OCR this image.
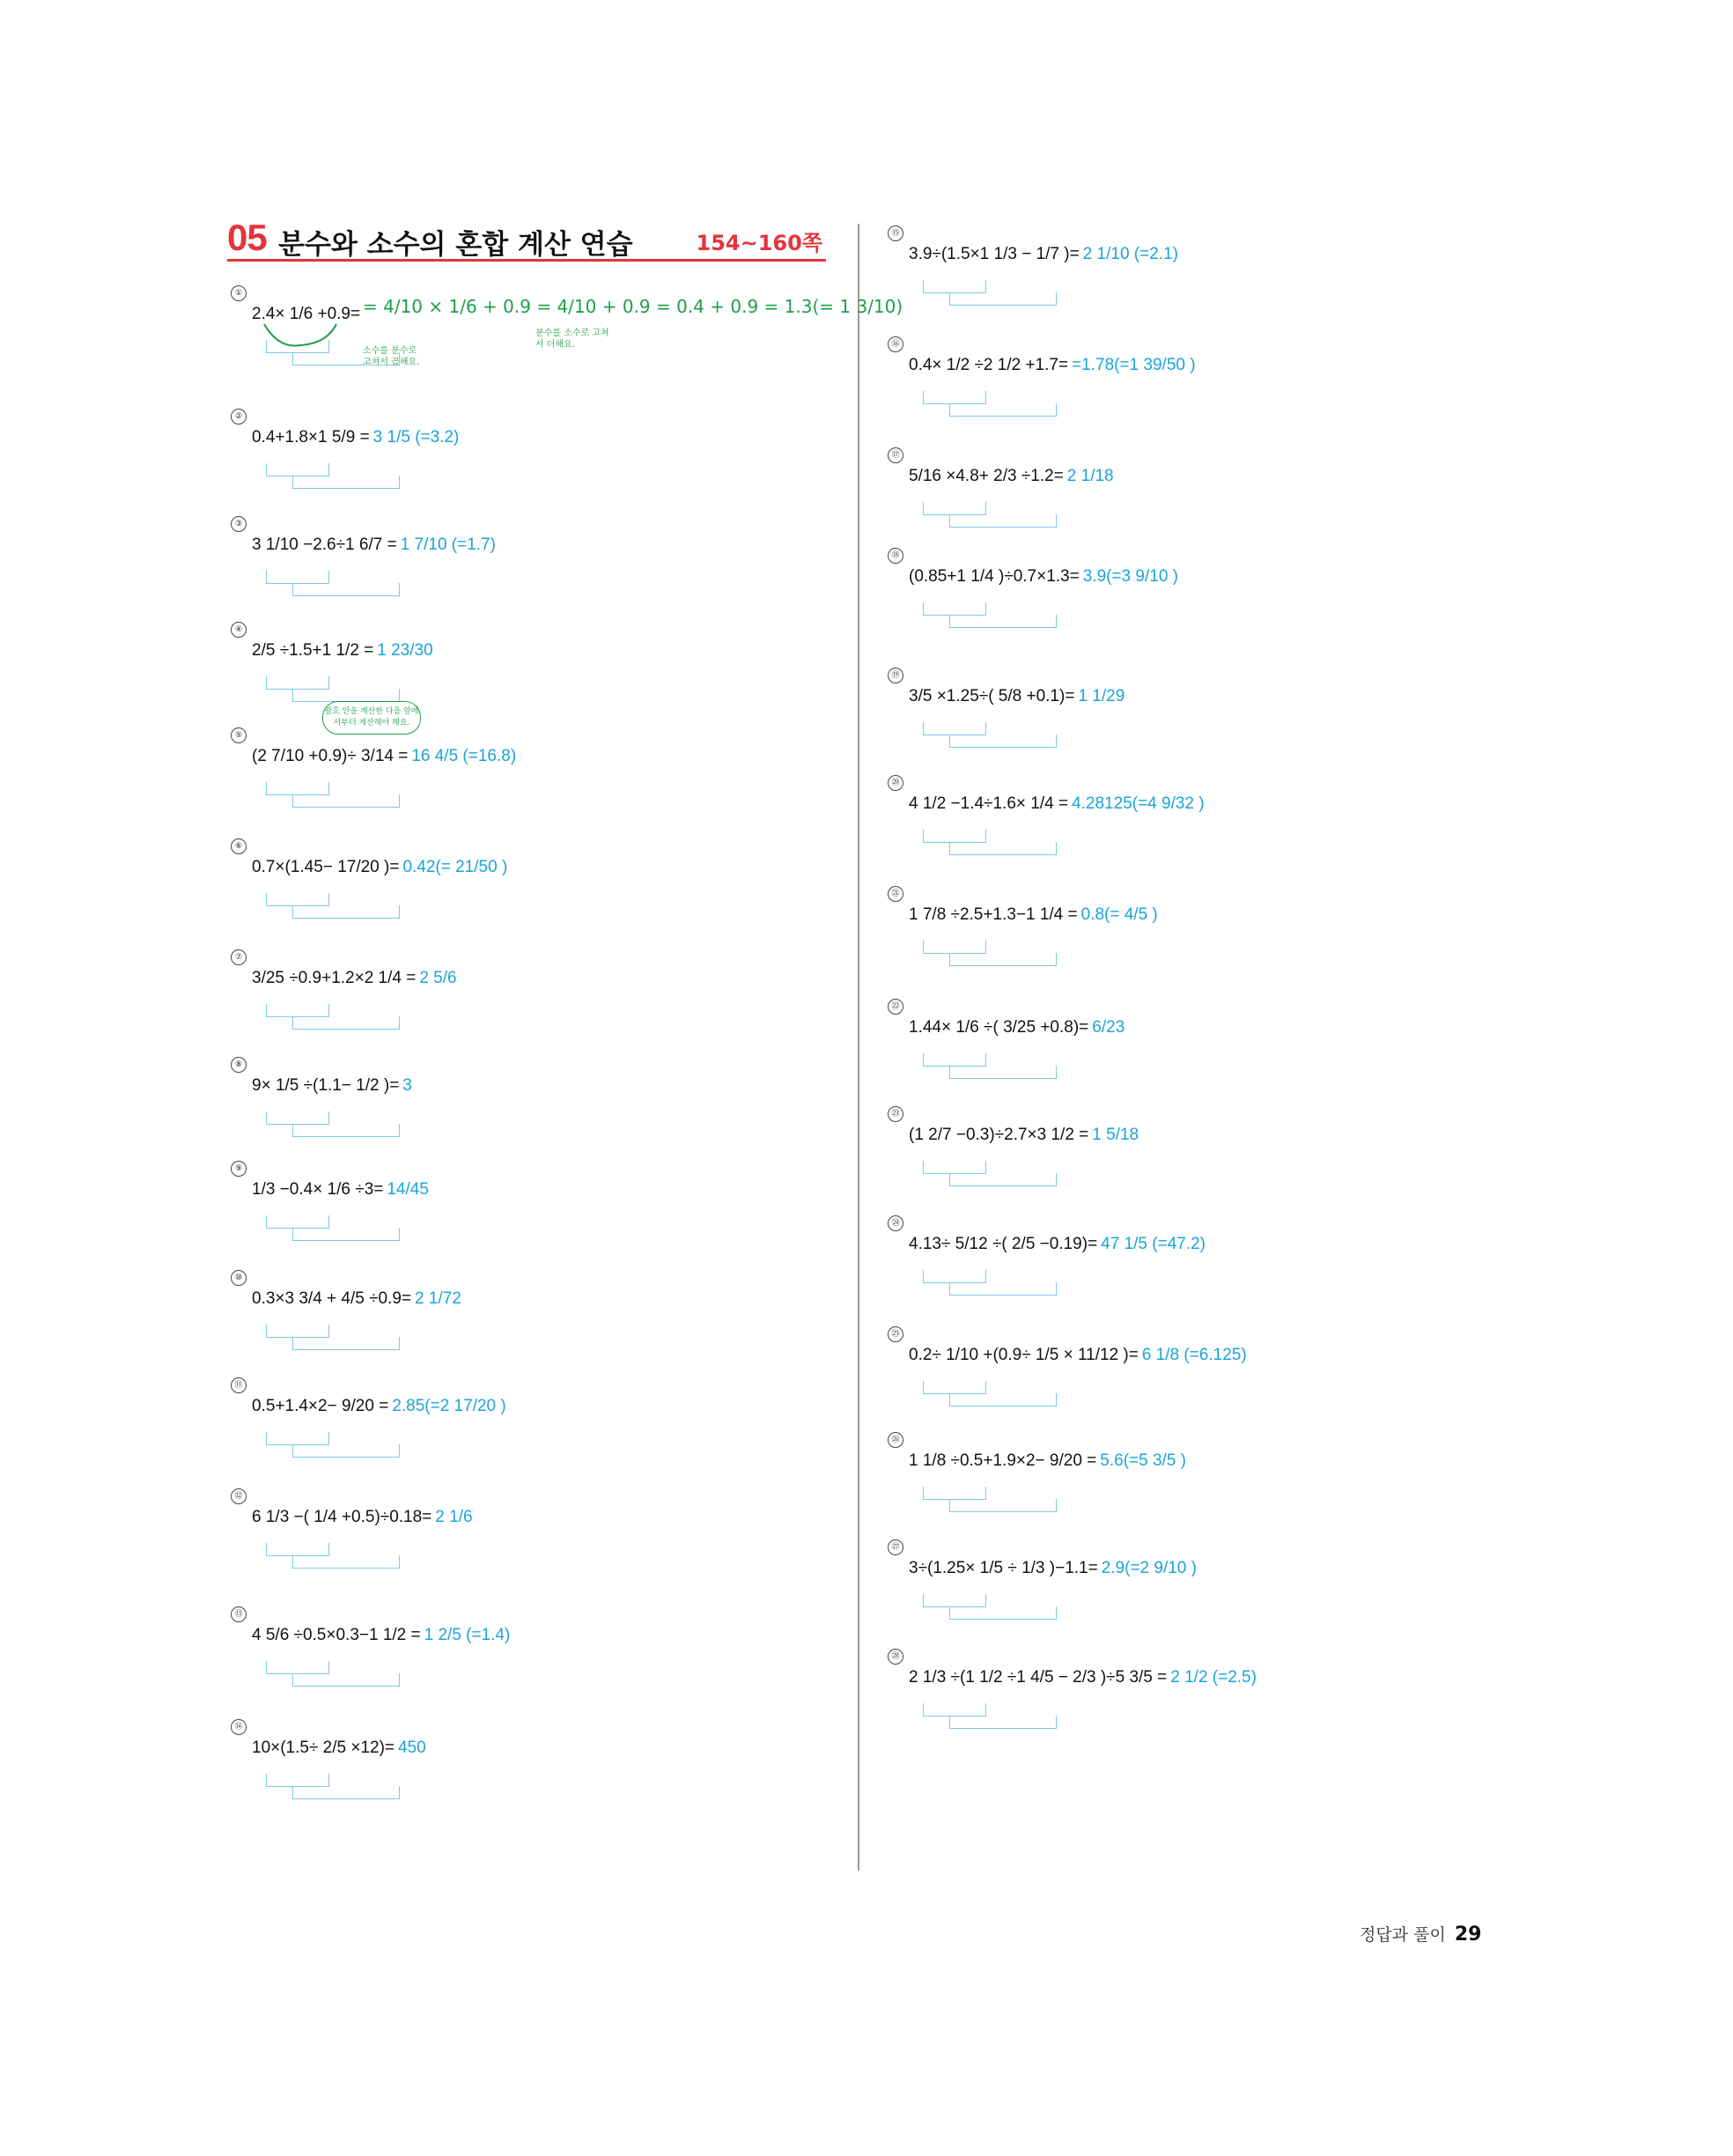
05 분수와 소수의 혼합 계산 연습	154~160쪽
①
2.4× 1/6 +0.9=
②
0.4+1.8×1 5/9 = 3 1/5 (=3.2)
③
3 1/10 −2.6÷1 6/7 = 1 7/10 (=1.7)
④
2/5 ÷1.5+1 1/2 = 1 23/30
⑤
(2 7/10 +0.9)÷ 3/14 = 16 4/5 (=16.8)
⑥
0.7×(1.45− 17/20 )= 0.42(= 21/50 )
⑦
3/25 ÷0.9+1.2×2 1/4 = 2 5/6
⑧
9× 1/5 ÷(1.1− 1/2 )= 3
⑨
1/3 −0.4× 1/6 ÷3= 14/45
⑩
0.3×3 3/4 + 4/5 ÷0.9= 2 1/72
⑪
0.5+1.4×2− 9/20 = 2.85(=2 17/20 )
⑫
6 1/3 −( 1/4 +0.5)÷0.18= 2 1/6
⑬
4 5/6 ÷0.5×0.3−1 1/2 = 1 2/5 (=1.4)
⑭
10×(1.5÷ 2/5 ×12)= 450
⑮
3.9÷(1.5×1 1/3 − 1/7 )= 2 1/10 (=2.1)
⑯
0.4× 1/2 ÷2 1/2 +1.7= =1.78(=1 39/50 )
⑰
5/16 ×4.8+ 2/3 ÷1.2= 2 1/18
⑱
(0.85+1 1/4 )÷0.7×1.3= 3.9(=3 9/10 )
⑲
3/5 ×1.25÷( 5/8 +0.1)= 1 1/29
⑳
4 1/2 −1.4÷1.6× 1/4 = 4.28125(=4 9/32 )
㉑
1 7/8 ÷2.5+1.3−1 1/4 = 0.8(= 4/5 )
㉒
1.44× 1/6 ÷( 3/25 +0.8)= 6/23
㉓
(1 2/7 −0.3)÷2.7×3 1/2 = 1 5/18
㉔
4.13÷ 5/12 ÷( 2/5 −0.19)= 47 1/5 (=47.2)
㉕
0.2÷ 1/10 +(0.9÷ 1/5 × 11/12 )= 6 1/8 (=6.125)
㉖
1 1/8 ÷0.5+1.9×2− 9/20 = 5.6(=5 3/5 )
㉗
3÷(1.25× 1/5 ÷ 1/3 )−1.1= 2.9(=2 9/10 )
㉘
2 1/3 ÷(1 1/2 ÷1 4/5 − 2/3 )÷5 3/5 = 2 1/2 (=2.5)
= 4/10 × 1/6 + 0.9 = 4/10 + 0.9 = 0.4 + 0.9 = 1.3(= 1 3/10)
소수를 분수로 고쳐서 곱해요.
분수를 소수로 고쳐서 더해요.
괄호 안을 계산한 다음 앞에서부터 계산해야 해요.
정답과 풀이 29
